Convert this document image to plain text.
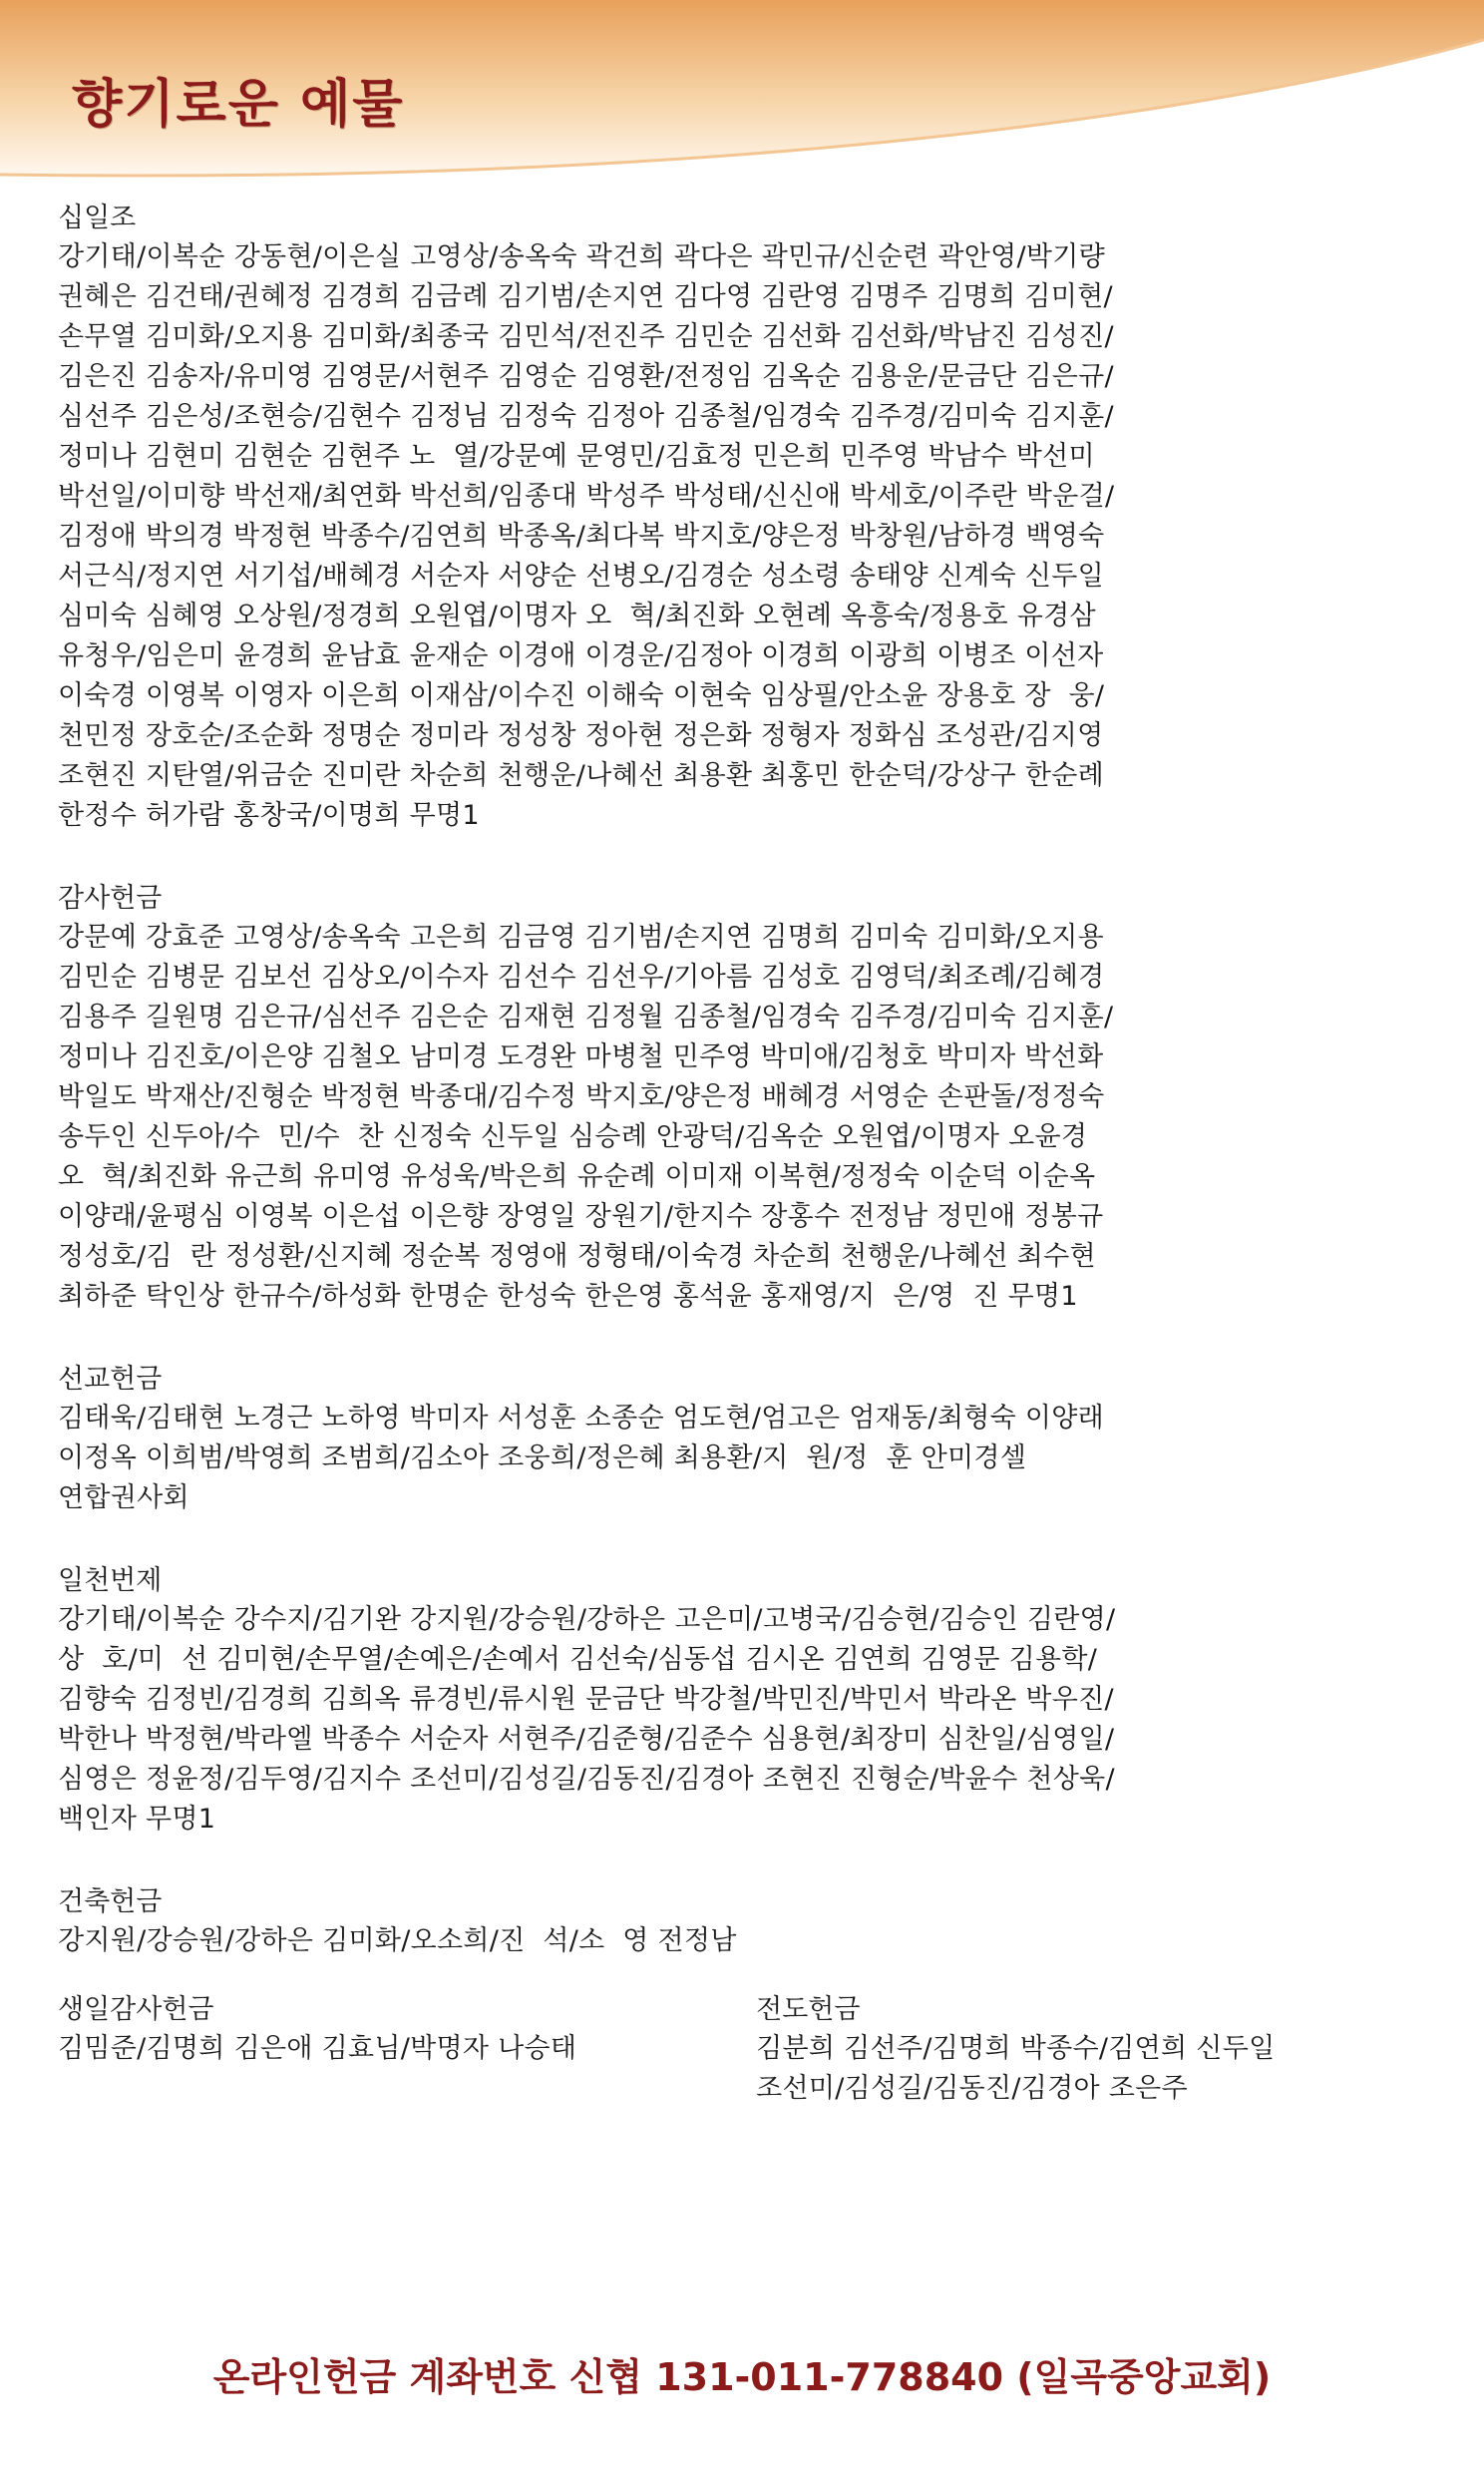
향기로운 예물
십일조
강기태/이복순 강동현/이은실 고영상/송옥숙 곽건희 곽다은 곽민규/신순련 곽안영/박기량
권혜은 김건태/권혜정 김경희 김금례 김기범/손지연 김다영 김란영 김명주 김명희 김미현/
손무열 김미화/오지용 김미화/최종국 김민석/전진주 김민순 김선화 김선화/박남진 김성진/
김은진 김송자/유미영 김영문/서현주 김영순 김영환/전정임 김옥순 김용운/문금단 김은규/
심선주 김은성/조현승/김현수 김정님 김정숙 김정아 김종철/임경숙 김주경/김미숙 김지훈/
정미나 김현미 김현순 김현주 노  열/강문예 문영민/김효정 민은희 민주영 박남수 박선미
박선일/이미향 박선재/최연화 박선희/임종대 박성주 박성태/신신애 박세호/이주란 박운걸/
김정애 박의경 박정현 박종수/김연희 박종옥/최다복 박지호/양은정 박창원/남하경 백영숙
서근식/정지연 서기섭/배혜경 서순자 서양순 선병오/김경순 성소령 송태양 신계숙 신두일
심미숙 심혜영 오상원/정경희 오원엽/이명자 오  혁/최진화 오현례 옥흥숙/정용호 유경삼
유청우/임은미 윤경희 윤남효 윤재순 이경애 이경운/김정아 이경희 이광희 이병조 이선자
이숙경 이영복 이영자 이은희 이재삼/이수진 이해숙 이현숙 임상필/안소윤 장용호 장  웅/
천민정 장호순/조순화 정명순 정미라 정성창 정아현 정은화 정형자 정화심 조성관/김지영
조현진 지탄열/위금순 진미란 차순희 천행운/나혜선 최용환 최홍민 한순덕/강상구 한순례
한정수 허가람 홍창국/이명희 무명1
감사헌금
강문예 강효준 고영상/송옥숙 고은희 김금영 김기범/손지연 김명희 김미숙 김미화/오지용
김민순 김병문 김보선 김상오/이수자 김선수 김선우/기아름 김성호 김영덕/최조례/김혜경
김용주 길원명 김은규/심선주 김은순 김재현 김정월 김종철/임경숙 김주경/김미숙 김지훈/
정미나 김진호/이은양 김철오 남미경 도경완 마병철 민주영 박미애/김청호 박미자 박선화
박일도 박재산/진형순 박정현 박종대/김수정 박지호/양은정 배혜경 서영순 손판돌/정정숙
송두인 신두아/수  민/수  찬 신정숙 신두일 심승례 안광덕/김옥순 오원엽/이명자 오윤경
오  혁/최진화 유근희 유미영 유성욱/박은희 유순례 이미재 이복현/정정숙 이순덕 이순옥
이양래/윤평심 이영복 이은섭 이은향 장영일 장원기/한지수 장홍수 전정남 정민애 정봉규
정성호/김  란 정성환/신지혜 정순복 정영애 정형태/이숙경 차순희 천행운/나혜선 최수현
최하준 탁인상 한규수/하성화 한명순 한성숙 한은영 홍석윤 홍재영/지  은/영  진 무명1
선교헌금
김태욱/김태현 노경근 노하영 박미자 서성훈 소종순 엄도현/엄고은 엄재동/최형숙 이양래
이정옥 이희범/박영희 조범희/김소아 조웅희/정은혜 최용환/지  원/정  훈 안미경셀
연합권사회
일천번제
강기태/이복순 강수지/김기완 강지원/강승원/강하은 고은미/고병국/김승현/김승인 김란영/
상  호/미  선 김미현/손무열/손예은/손예서 김선숙/심동섭 김시온 김연희 김영문 김용학/
김향숙 김정빈/김경희 김희옥 류경빈/류시원 문금단 박강철/박민진/박민서 박라온 박우진/
박한나 박정현/박라엘 박종수 서순자 서현주/김준형/김준수 심용현/최장미 심찬일/심영일/
심영은 정윤정/김두영/김지수 조선미/김성길/김동진/김경아 조현진 진형순/박윤수 천상욱/
백인자 무명1
건축헌금
강지원/강승원/강하은 김미화/오소희/진  석/소  영 전정남
생일감사헌금
김밈준/김명희 김은애 김효님/박명자 나승태
전도헌금
김분희 김선주/김명희 박종수/김연희 신두일
조선미/김성길/김동진/김경아 조은주
온라인헌금 계좌번호 신협 131-011-778840 (일곡중앙교회)
